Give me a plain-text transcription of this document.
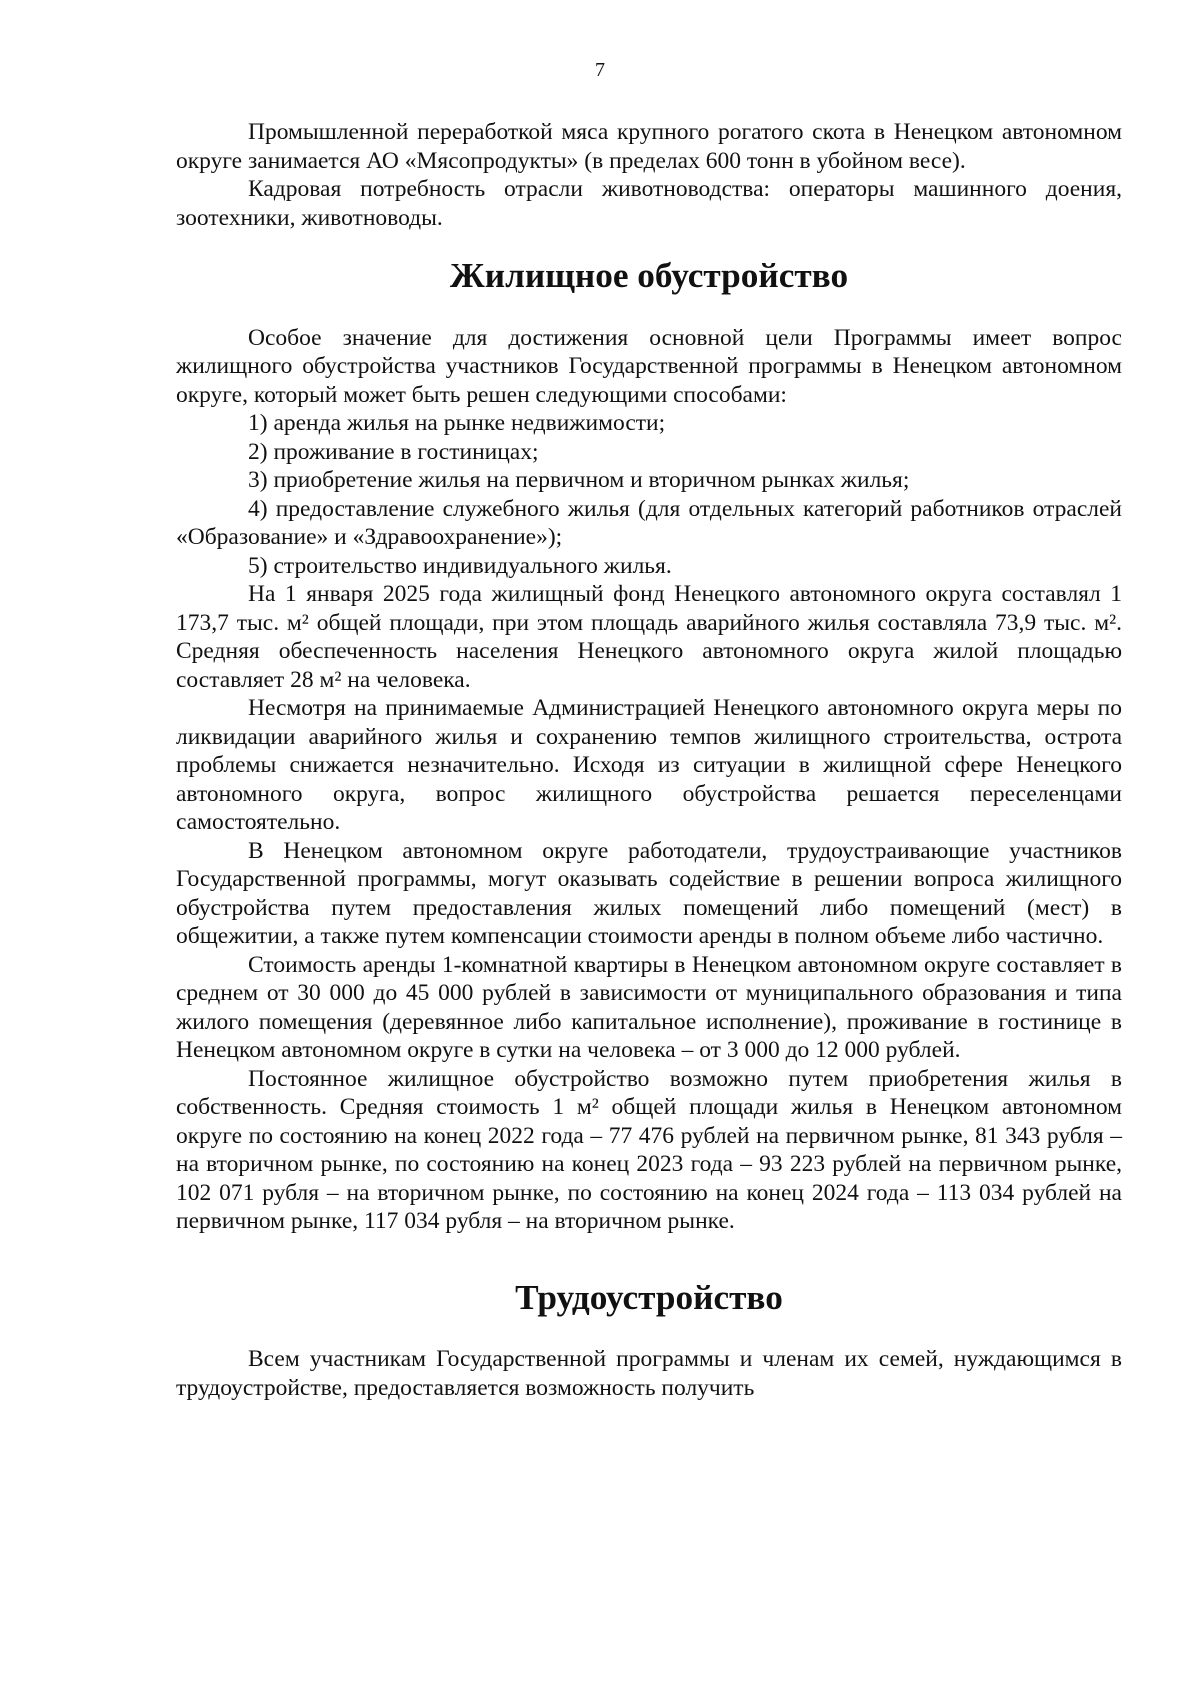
7

Промышленной переработкой мяса крупного рогатого скота в Ненецком автономном округе занимается АО «Мясопродукты» (в пределах 600 тонн в убойном весе).

Кадровая потребность отрасли животноводства: операторы машинного доения, зоотехники, животноводы.

Жилищное обустройство

Особое значение для достижения основной цели Программы имеет вопрос жилищного обустройства участников Государственной программы в Ненецком автономном округе, который может быть решен следующими способами:

1) аренда жилья на рынке недвижимости;

2) проживание в гостиницах;

3) приобретение жилья на первичном и вторичном рынках жилья;

4) предоставление служебного жилья (для отдельных категорий работников отраслей «Образование» и «Здравоохранение»);

5) строительство индивидуального жилья.

На 1 января 2025 года жилищный фонд Ненецкого автономного округа составлял 1 173,7 тыс. м² общей площади, при этом площадь аварийного жилья составляла 73,9 тыс. м². Средняя обеспеченность населения Ненецкого автономного округа жилой площадью составляет 28 м² на человека.

Несмотря на принимаемые Администрацией Ненецкого автономного округа меры по ликвидации аварийного жилья и сохранению темпов жилищного строительства, острота проблемы снижается незначительно. Исходя из ситуации в жилищной сфере Ненецкого автономного округа, вопрос жилищного обустройства решается переселенцами самостоятельно.

В Ненецком автономном округе работодатели, трудоустраивающие участников Государственной программы, могут оказывать содействие в решении вопроса жилищного обустройства путем предоставления жилых помещений либо помещений (мест) в общежитии, а также путем компенсации стоимости аренды в полном объеме либо частично.

Стоимость аренды 1-комнатной квартиры в Ненецком автономном округе составляет в среднем от 30 000 до 45 000 рублей в зависимости от муниципального образования и типа жилого помещения (деревянное либо капитальное исполнение), проживание в гостинице в Ненецком автономном округе в сутки на человека – от 3 000 до 12 000 рублей.

Постоянное жилищное обустройство возможно путем приобретения жилья в собственность. Средняя стоимость 1 м² общей площади жилья в Ненецком автономном округе по состоянию на конец 2022 года – 77 476 рублей на первичном рынке, 81 343 рубля – на вторичном рынке, по состоянию на конец 2023 года – 93 223 рублей на первичном рынке, 102 071 рубля – на вторичном рынке, по состоянию на конец 2024 года – 113 034 рублей на первичном рынке, 117 034 рубля – на вторичном рынке.

Трудоустройство

Всем участникам Государственной программы и членам их семей, нуждающимся в трудоустройстве, предоставляется возможность получить
